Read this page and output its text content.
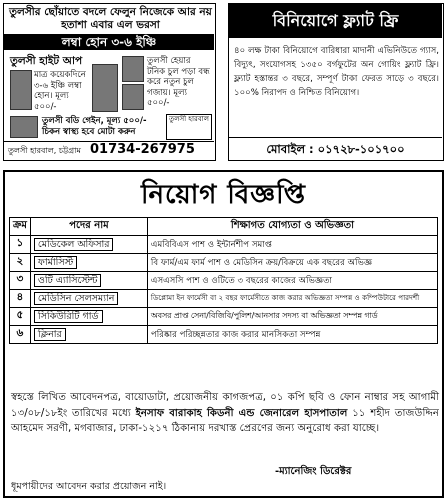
তুলসীর ছোঁয়াতে বদলে ফেলুন নিজেকে আর নয় হতাশা এবার এল ভরসা
লম্বা হোন ৩-৬ ইঞ্চি
তুলসী হাইট আপ
মাত্র কয়েকদিনে ৩-৬ ইঞ্চি লম্বা হোন। মূল্য ৫০০/-
তুলসী হেয়ার টনিক চুল পড়া বন্ধ করে নতুন চুল গজায়। মূল্য ৫০০/-
তুলসী বডি গেইন, মূল্য ৫০০/- চিকন স্বাস্থ্য হবে মোটা করুন
তুলসী হারবাল
তুলসী হারবাল, চট্টগ্রাম 01734-267975
বিনিয়োগে ফ্ল্যাট ফ্রি
৪০ লক্ষ টাকা বিনিয়োগে বারিধারা মাদানী এভিনিউতে গ্যাস, বিদ্যুৎ, সংযোগসহ ১৩৫০ বর্গফুটের অন গোয়িং ফ্ল্যাট ফ্রি। ফ্ল্যাট হস্তান্তর ৩ বছরে, সম্পূর্ণ টাকা ফেরত সাড়ে ৩ বছরে। ১০০% নিরাপদ ও নিশ্চিত বিনিয়োগ।
মোবাইল : ০১৭২৮-১০১৭০০
নিয়োগ বিজ্ঞপ্তি
ক্রম	পদের নাম	শিক্ষাগত যোগ্যতা ও অভিজ্ঞতা
১	মেডিকেল অফিসার	এমবিবিএস পাশ ও ইন্টার্নশীপ সমাপ্ত
২	ফার্মাসিস্ট	বি ফার্ম/এম ফার্ম পাশ ও মেডিসিন ক্রয়/বিক্রয়ে এক বছরের অভিজ্ঞ
৩	ওটি এ্যাসিস্টেন্ট	এসএসসি পাশ ও ওটিতে ৩ বছরের কাজের অভিজ্ঞতা
৪	মেডিসিন সেলসম্যান	ডিপ্লোমা ইন ফার্মেসী বা ২ বছর ফার্মেসীতে কাজ করার অভিজ্ঞতা সম্পন্ন ও কম্পিউটারে পারদর্শী
৫	সিকিউরিটি গার্ড	অবসর প্রাপ্ত সেনা/বিজিবি/পুলিশ/আনসার সদস্য বা অভিজ্ঞতা সম্পন্ন গার্ড
৬	ক্লিনার	পরিষ্কার পরিচ্ছন্নতার কাজ করার মানসিকতা সম্পন্ন
স্বহস্তে লিখিত আবেদনপত্র, বায়োডাটা, প্রয়োজনীয় কাগজপত্র, ০১ কপি ছবি ও ফোন নাম্বার সহ আগামী ১৩/০৮/১৮ইং তারিখের মধ্যে ইনসাফ বারাকাহ কিডনী এন্ড জেনারেল হাসপাতাল ১১ শহীদ তাজউদ্দিন আহমেদ সরণী, মগবাজার, ঢাকা-১২১৭ ঠিকানায় দরখাস্ত প্রেরণের জন্য অনুরোধ করা যাচ্ছে।
-ম্যানেজিং ডিরেক্টর
ধূমপায়ীদের আবেদন করার প্রয়োজন নাই।
